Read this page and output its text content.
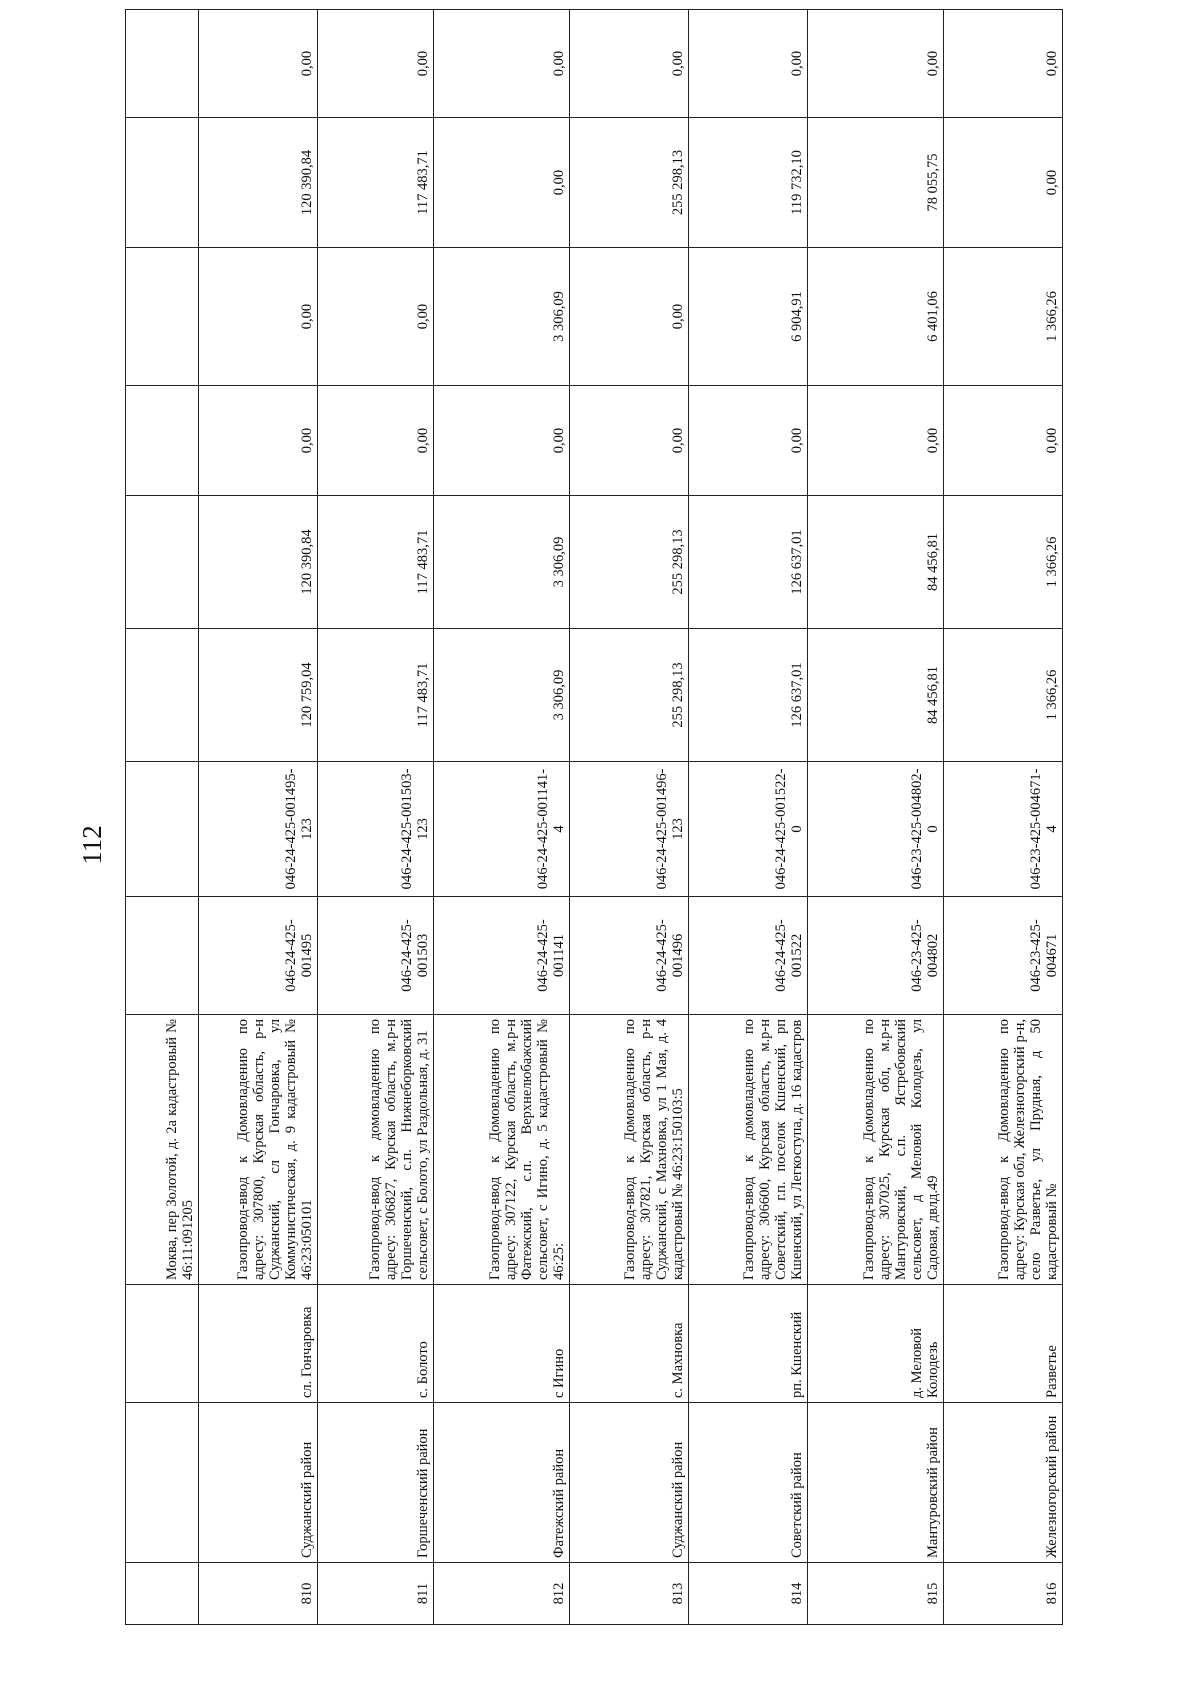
112
			Моква, пер Золотой, д. 2а кадастровый № 46:11:091205								
810	Суджанский район	сл. Гончаровка	Газопровод-ввод к Домовладению по адресу: 307800, Курская область, р-н Суджанский, сл Гончаровка, ул Коммунистическая, д. 9 кадастровый № 46:23:050101	046-24-425-001495	046-24-425-001495-123	120 759,04	120 390,84	0,00	0,00	120 390,84	0,00
811	Горшеченский район	с. Болото	Газопровод-ввод к домовладению по адресу: 306827, Курская область, м.р-н Горшеченский, с.п. Нижнеборковский сельсовет, с Болото, ул Раздольная, д. 31	046-24-425-001503	046-24-425-001503-123	117 483,71	117 483,71	0,00	0,00	117 483,71	0,00
812	Фатежский район	с Игино	Газопровод-ввод к Домовладению по адресу: 307122, Курская область, м.р-н Фатежский, с.п. Верхнелюбажский сельсовет, с Игино, д. 5 кадастровый № 46:25:	046-24-425-001141	046-24-425-001141-4	3 306,09	3 306,09	0,00	3 306,09	0,00	0,00
813	Суджанский район	с. Махновка	Газопровод-ввод к Домовладению по адресу: 307821, Курская область, р-н Суджанский, с Махновка, ул 1 Мая, д. 4 кадастровый № 46:23:150103:5	046-24-425-001496	046-24-425-001496-123	255 298,13	255 298,13	0,00	0,00	255 298,13	0,00
814	Советский район	рп. Кшенский	Газопровод-ввод к домовладению по адресу: 306600, Курская область, м.р-н Советский, г.п. поселок Кшенский, рп Кшенский, ул Легкоступа, д. 16 кадастров	046-24-425-001522	046-24-425-001522-0	126 637,01	126 637,01	0,00	6 904,91	119 732,10	0,00
815	Мантуровский район	д. Меловой Колодезь	Газопровод-ввод к Домовладению по адресу: 307025, Курская обл, м.р-н Мантуровский, с.п. Ястребовский сельсовет, д Меловой Колодезь, ул Садовая, двлд.49	046-23-425-004802	046-23-425-004802-0	84 456,81	84 456,81	0,00	6 401,06	78 055,75	0,00
816	Железногорский район	Разветье	Газопровод-ввод к Домовладению по адресу: Курская обл, Железногорский р-н, село Разветье, ул Прудная, д 50 кадастровый №	046-23-425-004671	046-23-425-004671-4	1 366,26	1 366,26	0,00	1 366,26	0,00	0,00
